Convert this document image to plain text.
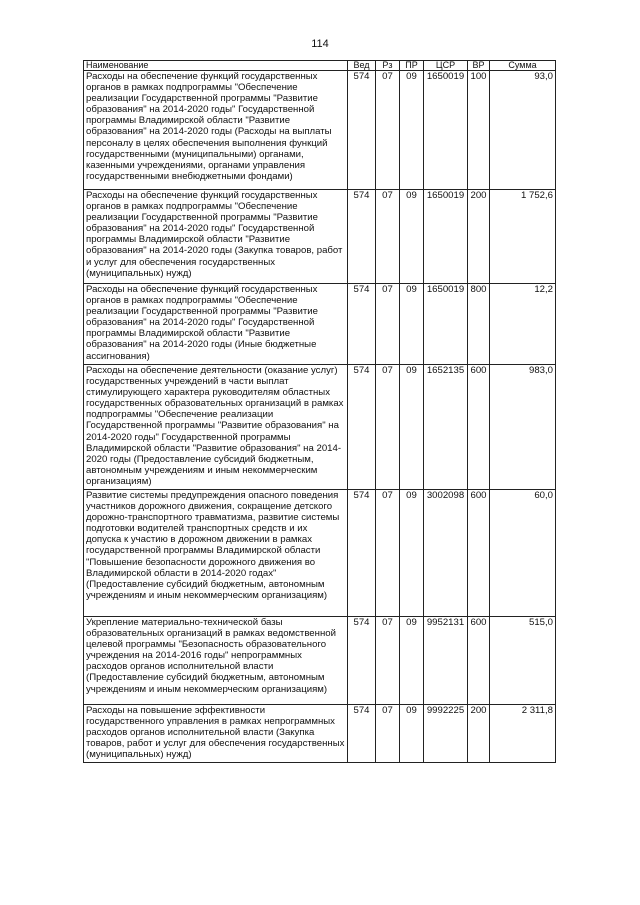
114
Наименование	Вед	Рз	ПР	ЦСР	ВР	Сумма
Расходы на обеспечение функций государственных органов в рамках подпрограммы "Обеспечение реализации Государственной программы "Развитие образования" на 2014-2020 годы" Государственной программы Владимирской области "Развитие образования" на 2014-2020 годы (Расходы на выплаты персоналу в целях обеспечения выполнения функций государственными (муниципальными) органами, казенными учреждениями, органами управления государственными внебюджетными фондами)	574	07	09	1650019	100	93,0
Расходы на обеспечение функций государственных органов в рамках подпрограммы "Обеспечение реализации Государственной программы "Развитие образования" на 2014-2020 годы" Государственной программы Владимирской области "Развитие образования" на 2014-2020 годы (Закупка товаров, работ и услуг для обеспечения государственных (муниципальных) нужд)	574	07	09	1650019	200	1 752,6
Расходы на обеспечение функций государственных органов в рамках подпрограммы "Обеспечение реализации Государственной программы "Развитие образования" на 2014-2020 годы" Государственной программы Владимирской области "Развитие образования" на 2014-2020 годы (Иные бюджетные ассигнования)	574	07	09	1650019	800	12,2
Расходы на обеспечение деятельности (оказание услуг) государственных учреждений в части выплат стимулирующего характера руководителям областных государственных образовательных организаций в рамках подпрограммы "Обеспечение реализации Государственной программы "Развитие образования" на 2014-2020 годы" Государственной программы Владимирской области "Развитие образования" на 2014-2020 годы (Предоставление субсидий бюджетным, автономным учреждениям и иным некоммерческим организациям)	574	07	09	1652135	600	983,0
Развитие системы предупреждения опасного поведения участников дорожного движения, сокращение детского дорожно-транспортного травматизма, развитие системы подготовки водителей транспортных средств и их допуска к участию в дорожном движении в рамках государственной программы Владимирской области "Повышение безопасности дорожного движения во Владимирской области в 2014-2020 годах" (Предоставление субсидий бюджетным, автономным учреждениям и иным некоммерческим организациям)	574	07	09	3002098	600	60,0
Укрепление материально-технической базы образовательных организаций в рамках ведомственной целевой программы "Безопасность образовательного учреждения на 2014-2016 годы" непрограммных расходов органов исполнительной власти (Предоставление субсидий бюджетным, автономным учреждениям и иным некоммерческим организациям)	574	07	09	9952131	600	515,0
Расходы на повышение эффективности государственного управления в рамках непрограммных расходов органов исполнительной власти (Закупка товаров, работ и услуг для обеспечения государственных (муниципальных) нужд)	574	07	09	9992225	200	2 311,8
